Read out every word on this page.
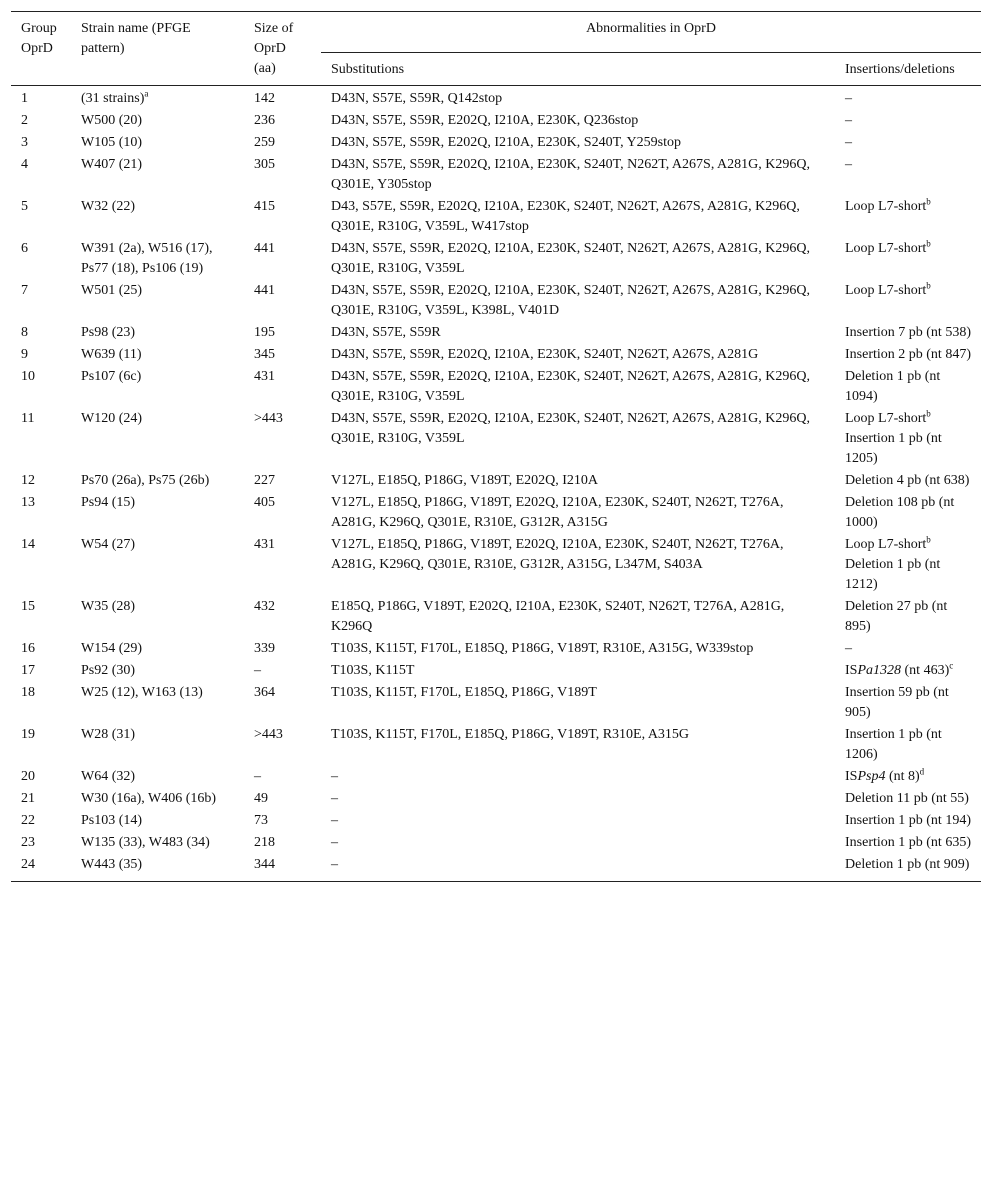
Group OprD	Strain name (PFGE pattern)	Size of OprD (aa)	Abnormalities in OprD	
			Substitutions	Insertions/deletions
1	(31 strains)$^a$	142	D43N, S57E, S59R, Q142stop	–
2	W500 (20)	236	D43N, S57E, S59R, E202Q, I210A, E230K, Q236stop	–
3	W105 (10)	259	D43N, S57E, S59R, E202Q, I210A, E230K, S240T, Y259stop	–
4	W407 (21)	305	D43N, S57E, S59R, E202Q, I210A, E230K, S240T, N262T, A267S, A281G, K296Q, Q301E, Y305stop	–
5	W32 (22)	415	D43, S57E, S59R, E202Q, I210A, E230K, S240T, N262T, A267S, A281G, K296Q, Q301E, R310G, V359L, W417stop	Loop L7-short$^b$
6	W391 (2a), W516 (17), Ps77 (18), Ps106 (19)	441	D43N, S57E, S59R, E202Q, I210A, E230K, S240T, N262T, A267S, A281G, K296Q, Q301E, R310G, V359L	Loop L7-short$^b$
7	W501 (25)	441	D43N, S57E, S59R, E202Q, I210A, E230K, S240T, N262T, A267S, A281G, K296Q, Q301E, R310G, V359L, K398L, V401D	Loop L7-short$^b$
8	Ps98 (23)	195	D43N, S57E, S59R	Insertion 7 pb (nt 538)
9	W639 (11)	345	D43N, S57E, S59R, E202Q, I210A, E230K, S240T, N262T, A267S, A281G	Insertion 2 pb (nt 847)
10	Ps107 (6c)	431	D43N, S57E, S59R, E202Q, I210A, E230K, S240T, N262T, A267S, A281G, K296Q, Q301E, R310G, V359L	Deletion 1 pb (nt 1094)
11	W120 (24)	>443	D43N, S57E, S59R, E202Q, I210A, E230K, S240T, N262T, A267S, A281G, K296Q, Q301E, R310G, V359L	Loop L7-short$^b$
Insertion 1 pb (nt 1205)
12	Ps70 (26a), Ps75 (26b)	227	V127L, E185Q, P186G, V189T, E202Q, I210A	Deletion 4 pb (nt 638)
13	Ps94 (15)	405	V127L, E185Q, P186G, V189T, E202Q, I210A, E230K, S240T, N262T, T276A, A281G, K296Q, Q301E, R310E, G312R, A315G	Deletion 108 pb (nt 1000)
14	W54 (27)	431	V127L, E185Q, P186G, V189T, E202Q, I210A, E230K, S240T, N262T, T276A, A281G, K296Q, Q301E, R310E, G312R, A315G, L347M, S403A	Loop L7-short$^b$
Deletion 1 pb (nt 1212)
15	W35 (28)	432	E185Q, P186G, V189T, E202Q, I210A, E230K, S240T, N262T, T276A, A281G, K296Q	Deletion 27 pb (nt 895)
16	W154 (29)	339	T103S, K115T, F170L, E185Q, P186G, V189T, R310E, A315G, W339stop	–
17	Ps92 (30)	–	T103S, K115T	ISPa1328 (nt 463)$^c$
18	W25 (12), W163 (13)	364	T103S, K115T, F170L, E185Q, P186G, V189T	Insertion 59 pb (nt 905)
19	W28 (31)	>443	T103S, K115T, F170L, E185Q, P186G, V189T, R310E, A315G	Insertion 1 pb (nt 1206)
20	W64 (32)	–	–	ISPsp4 (nt 8)$^d$
21	W30 (16a), W406 (16b)	49	–	Deletion 11 pb (nt 55)
22	Ps103 (14)	73	–	Insertion 1 pb (nt 194)
23	W135 (33), W483 (34)	218	–	Insertion 1 pb (nt 635)
24	W443 (35)	344	–	Deletion 1 pb (nt 909)
